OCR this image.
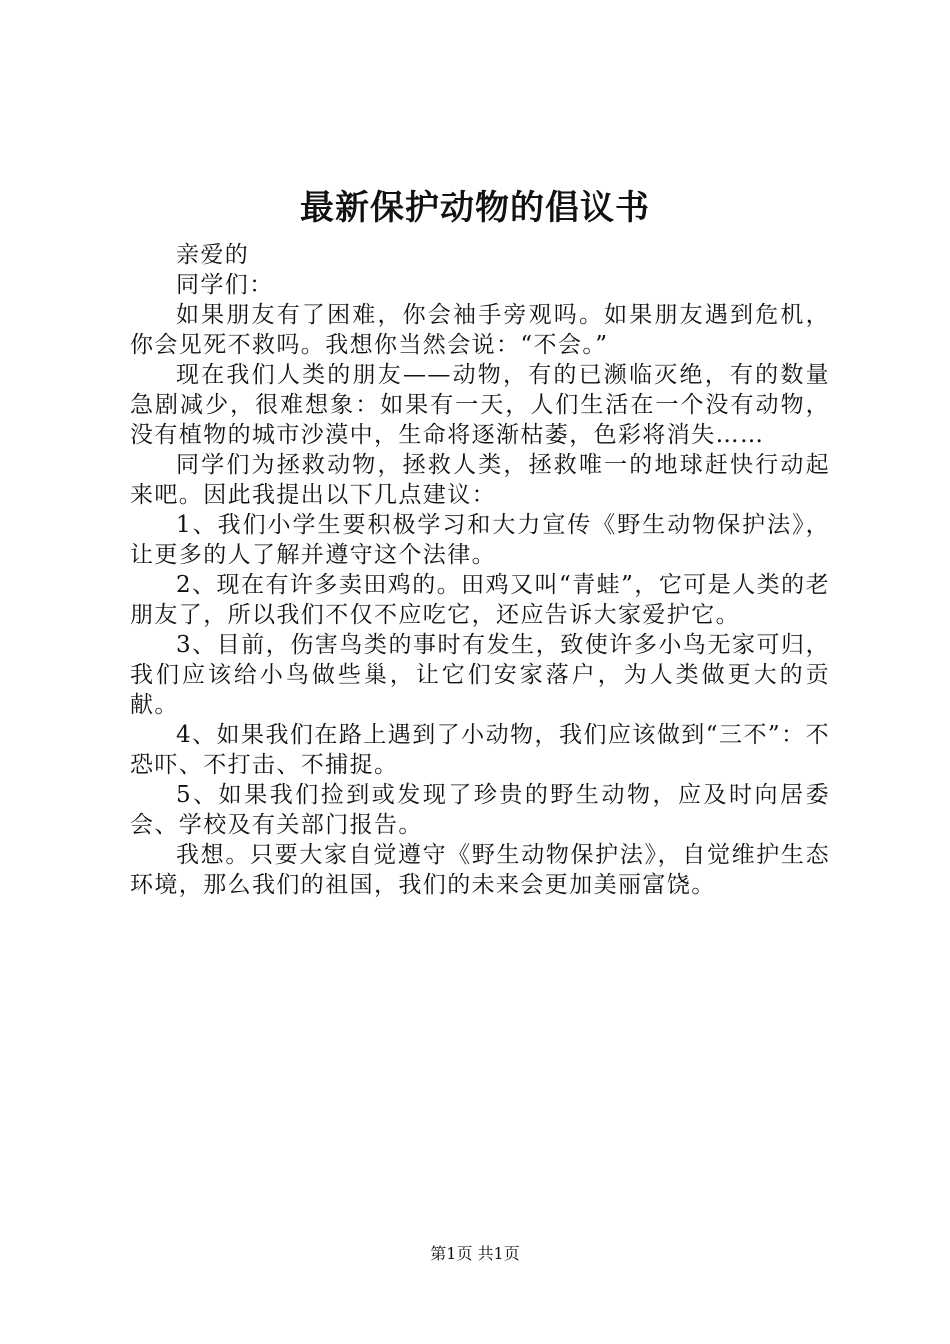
最新保护动物的倡议书

亲爱的

同学们：

如果朋友有了困难，你会袖手旁观吗。如果朋友遇到危机，你会见死不救吗。我想你当然会说：“不会。”

现在我们人类的朋友——动物，有的已濒临灭绝，有的数量急剧减少，很难想象：如果有一天，人们生活在一个没有动物，没有植物的城市沙漠中，生命将逐渐枯萎，色彩将消失……

同学们为拯救动物，拯救人类，拯救唯一的地球赶快行动起来吧。因此我提出以下几点建议：

1、我们小学生要积极学习和大力宣传《野生动物保护法》，让更多的人了解并遵守这个法律。

2、现在有许多卖田鸡的。田鸡又叫“青蛙”，它可是人类的老朋友了，所以我们不仅不应吃它，还应告诉大家爱护它。

3、目前，伤害鸟类的事时有发生，致使许多小鸟无家可归，我们应该给小鸟做些巢，让它们安家落户，为人类做更大的贡献。

4、如果我们在路上遇到了小动物，我们应该做到“三不”：不恐吓、不打击、不捕捉。

5、如果我们捡到或发现了珍贵的野生动物，应及时向居委会、学校及有关部门报告。

我想。只要大家自觉遵守《野生动物保护法》，自觉维护生态环境，那么我们的祖国，我们的未来会更加美丽富饶。

第1页 共1页
